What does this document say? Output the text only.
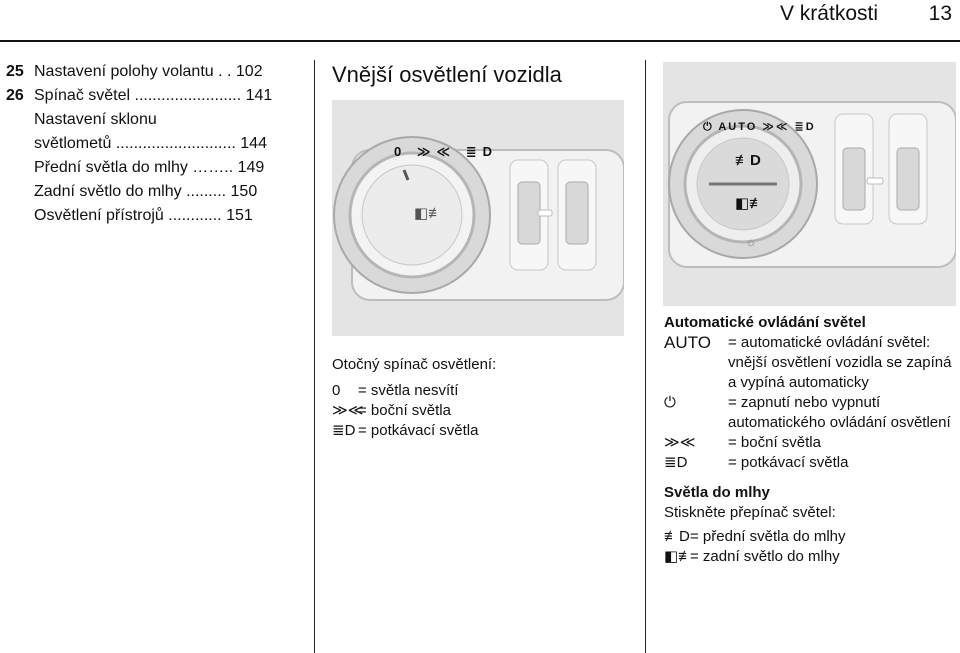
V krátkosti 13
25 Nastavení polohy volantu . . 102
26 Spínač světel ........................ 141
Nastavení sklonu
světlometů ........................... 144
Přední světla do mlhy …….. 149
Zadní světlo do mlhy ......... 150
Osvětlení přístrojů ............ 151
Vnější osvětlení vozidla
0 ≫≪ ≣D
◧≢
⏻ AUTO ≫≪ ≣D
≢D
◧≢
☼
Otočný spínač osvětlení:
0 = světla nesvítí
≫≪= boční světla
≣D = potkávací světla
Automatické ovládání světel
AUTO	= automatické ovládání světel: vnější osvětlení vozidla se zapíná a vypíná automaticky
⏻	= zapnutí nebo vypnutí automatického ovládání osvětlení
≫≪	= boční světla
≣D	= potkávací světla
Světla do mlhy
Stiskněte přepínač světel:
≢D= přední světla do mlhy
◧≢= zadní světlo do mlhy
